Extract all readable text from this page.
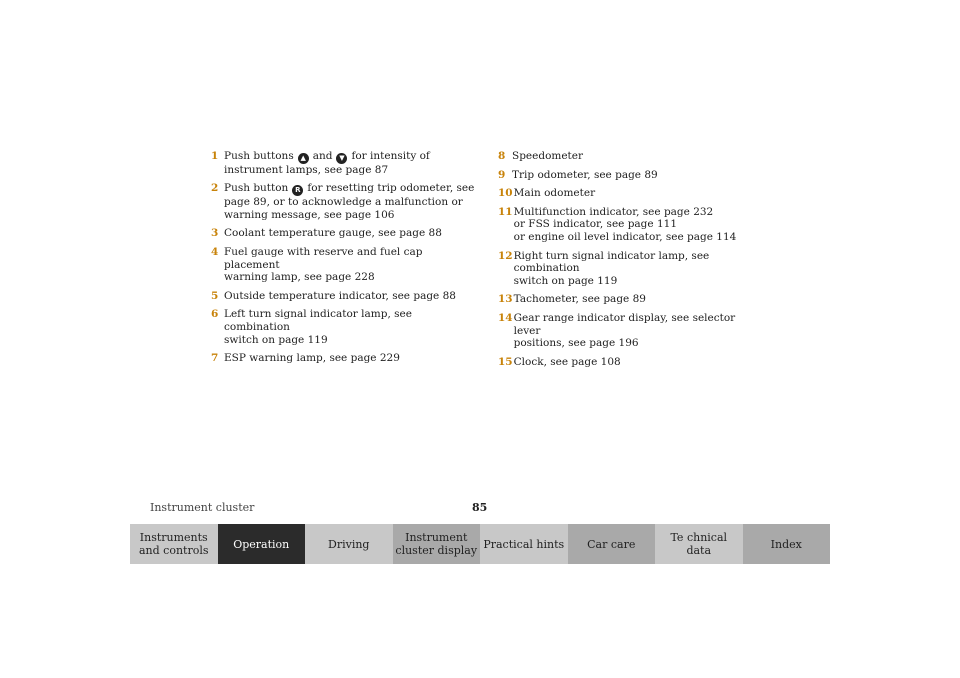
1 Push buttons ▲ and ▼ for intensity of
instrument lamps, see page 87
2 Push button R for resetting trip odometer, see
page 89, or to acknowledge a malfunction or
warning message, see page 106
3 Coolant temperature gauge, see page 88
4 Fuel gauge with reserve and fuel cap placement
warning lamp, see page 228
5 Outside temperature indicator, see page 88
6 Left turn signal indicator lamp, see combination
switch on page 119
7 ESP warning lamp, see page 229
8 Speedometer
9 Trip odometer, see page 89
10 Main odometer
11 Multifunction indicator, see page 232
or FSS indicator, see page 111
or engine oil level indicator, see page 114
12 Right turn signal indicator lamp, see combination
switch on page 119
13 Tachometer, see page 89
14 Gear range indicator display, see selector lever
positions, see page 196
15 Clock, see page 108
Instrument cluster	85
Instruments
and controls Operation	Driving	Instrument
cluster display Practical hints Car care	Te chnical
data	Index
